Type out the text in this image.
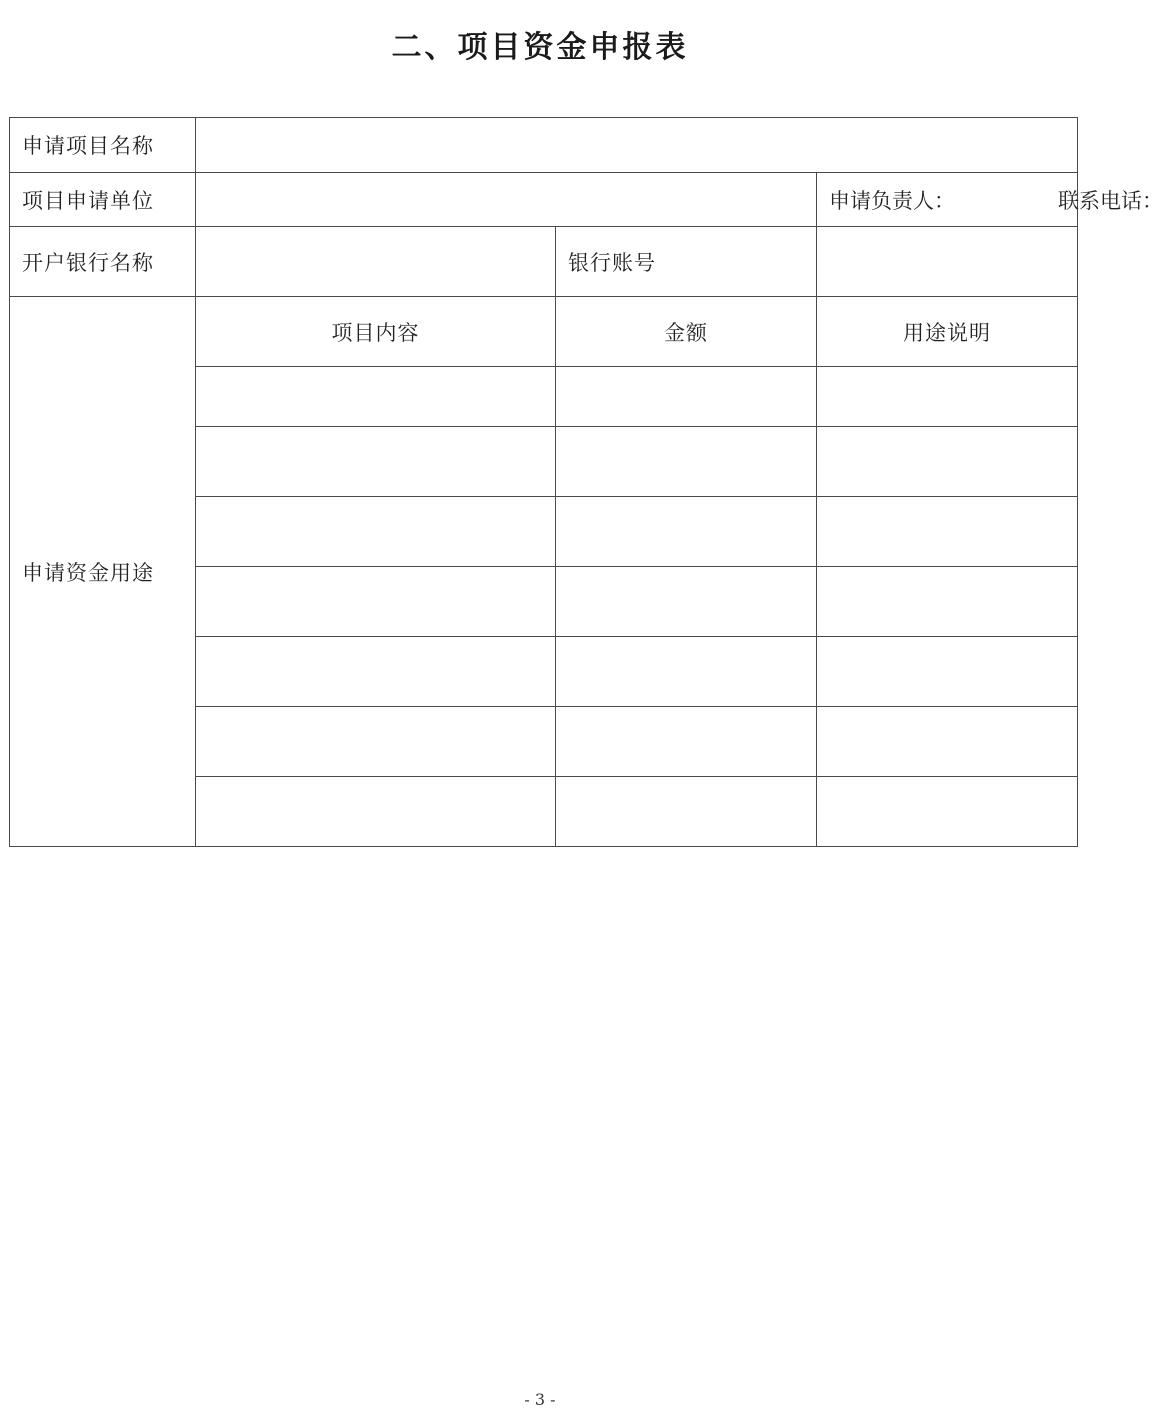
二、项目资金申报表
申请项目名称			
项目申请单位			申请负责人： 联系电话：

开户银行名称		银行账号	
申请资金用途	项目内容	金额	用途说明

- 3 -
